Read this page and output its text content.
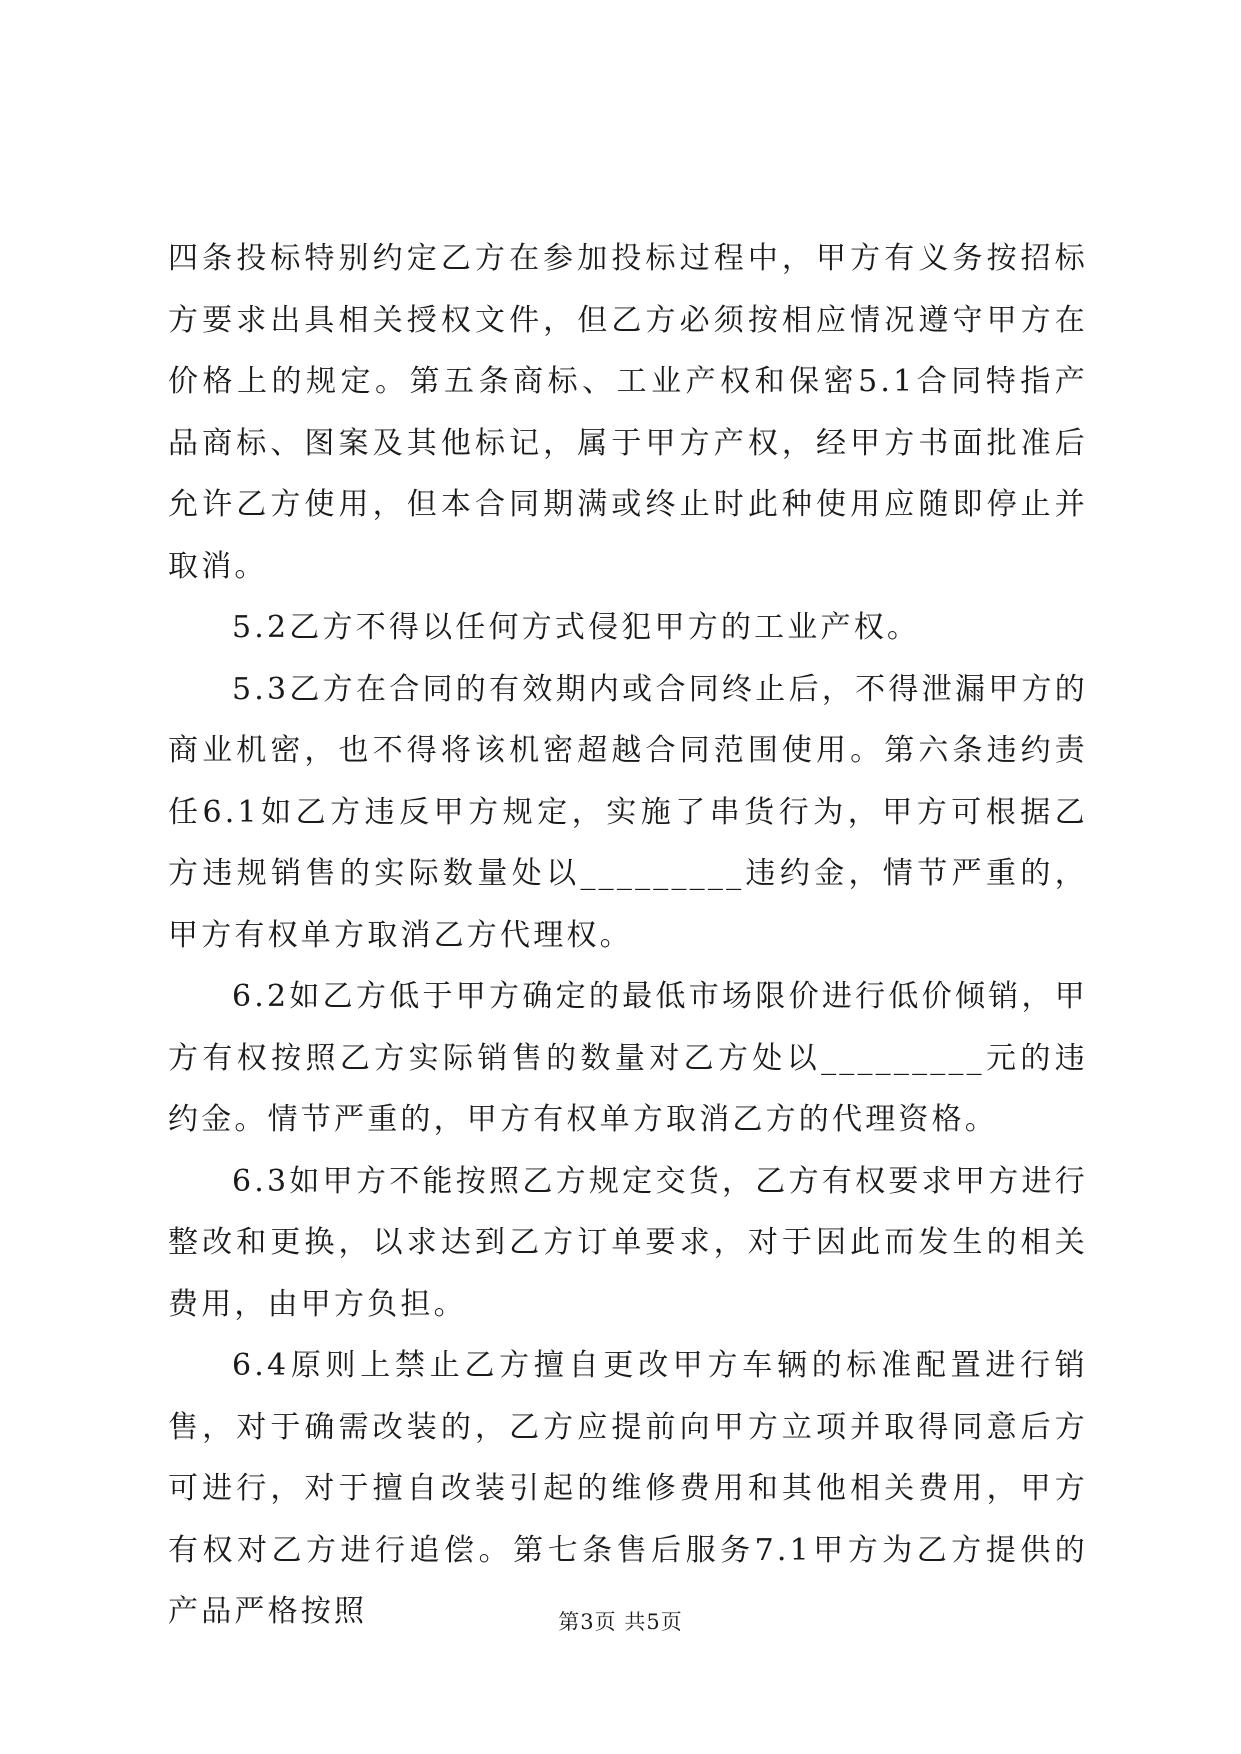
四条投标特别约定乙方在参加投标过程中，甲方有义务按招标方要求出具相关授权文件，但乙方必须按相应情况遵守甲方在价格上的规定。第五条商标、工业产权和保密5.1合同特指产品商标、图案及其他标记，属于甲方产权，经甲方书面批准后允许乙方使用，但本合同期满或终止时此种使用应随即停止并取消。

5.2乙方不得以任何方式侵犯甲方的工业产权。

5.3乙方在合同的有效期内或合同终止后，不得泄漏甲方的商业机密，也不得将该机密超越合同范围使用。第六条违约责任6.1如乙方违反甲方规定，实施了串货行为，甲方可根据乙方违规销售的实际数量处以_________违约金，情节严重的，甲方有权单方取消乙方代理权。

6.2如乙方低于甲方确定的最低市场限价进行低价倾销，甲方有权按照乙方实际销售的数量对乙方处以_________元的违约金。情节严重的，甲方有权单方取消乙方的代理资格。

6.3如甲方不能按照乙方规定交货，乙方有权要求甲方进行整改和更换，以求达到乙方订单要求，对于因此而发生的相关费用，由甲方负担。

6.4原则上禁止乙方擅自更改甲方车辆的标准配置进行销售，对于确需改装的，乙方应提前向甲方立项并取得同意后方可进行，对于擅自改装引起的维修费用和其他相关费用，甲方有权对乙方进行追偿。第七条售后服务7.1甲方为乙方提供的产品严格按照	第3页 共5页
